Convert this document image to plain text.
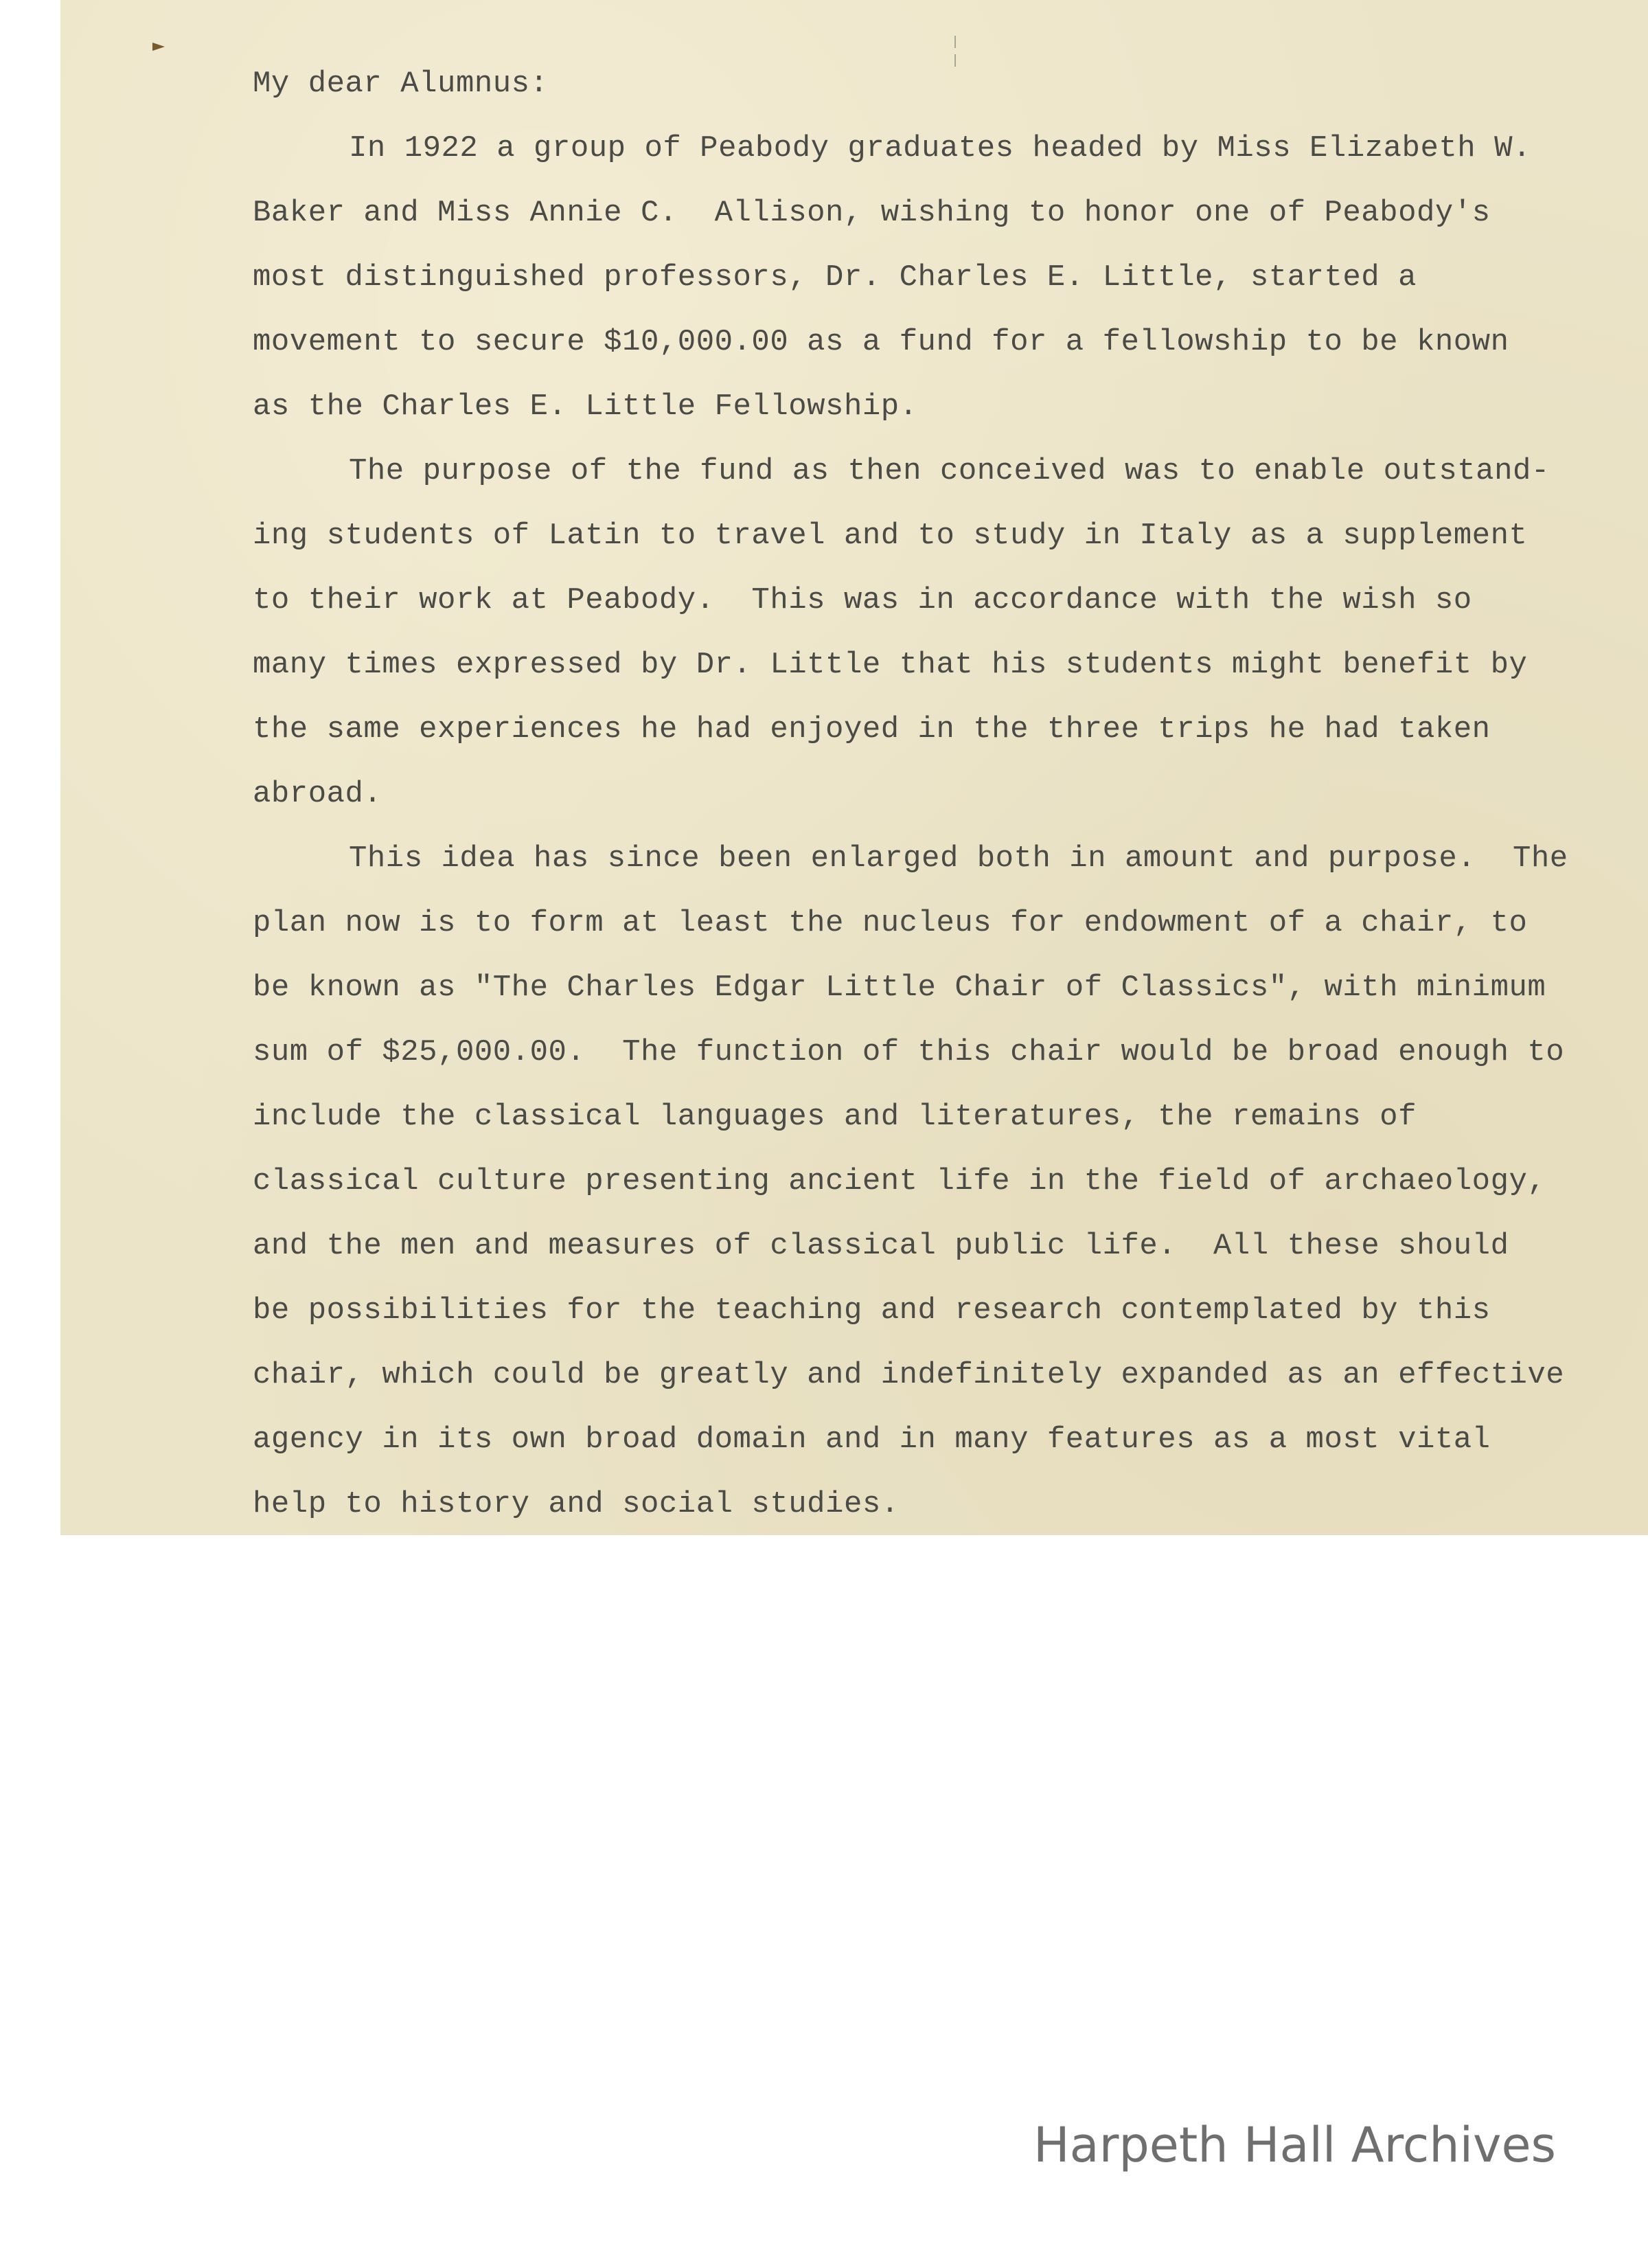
My dear Alumnus:
In 1922 a group of Peabody graduates headed by Miss Elizabeth W.
Baker and Miss Annie C.  Allison, wishing to honor one of Peabody's
most distinguished professors, Dr. Charles E. Little, started a
movement to secure $10,000.00 as a fund for a fellowship to be known
as the Charles E. Little Fellowship.
The purpose of the fund as then conceived was to enable outstand-
ing students of Latin to travel and to study in Italy as a supplement
to their work at Peabody.  This was in accordance with the wish so
many times expressed by Dr. Little that his students might benefit by
the same experiences he had enjoyed in the three trips he had taken
abroad.
This idea has since been enlarged both in amount and purpose.  The
plan now is to form at least the nucleus for endowment of a chair, to
be known as "The Charles Edgar Little Chair of Classics", with minimum
sum of $25,000.00.  The function of this chair would be broad enough to
include the classical languages and literatures, the remains of
classical culture presenting ancient life in the field of archaeology,
and the men and measures of classical public life.  All these should
be possibilities for the teaching and research contemplated by this
chair, which could be greatly and indefinitely expanded as an effective
agency in its own broad domain and in many features as a most vital
help to history and social studies.
Harpeth Hall Archives
